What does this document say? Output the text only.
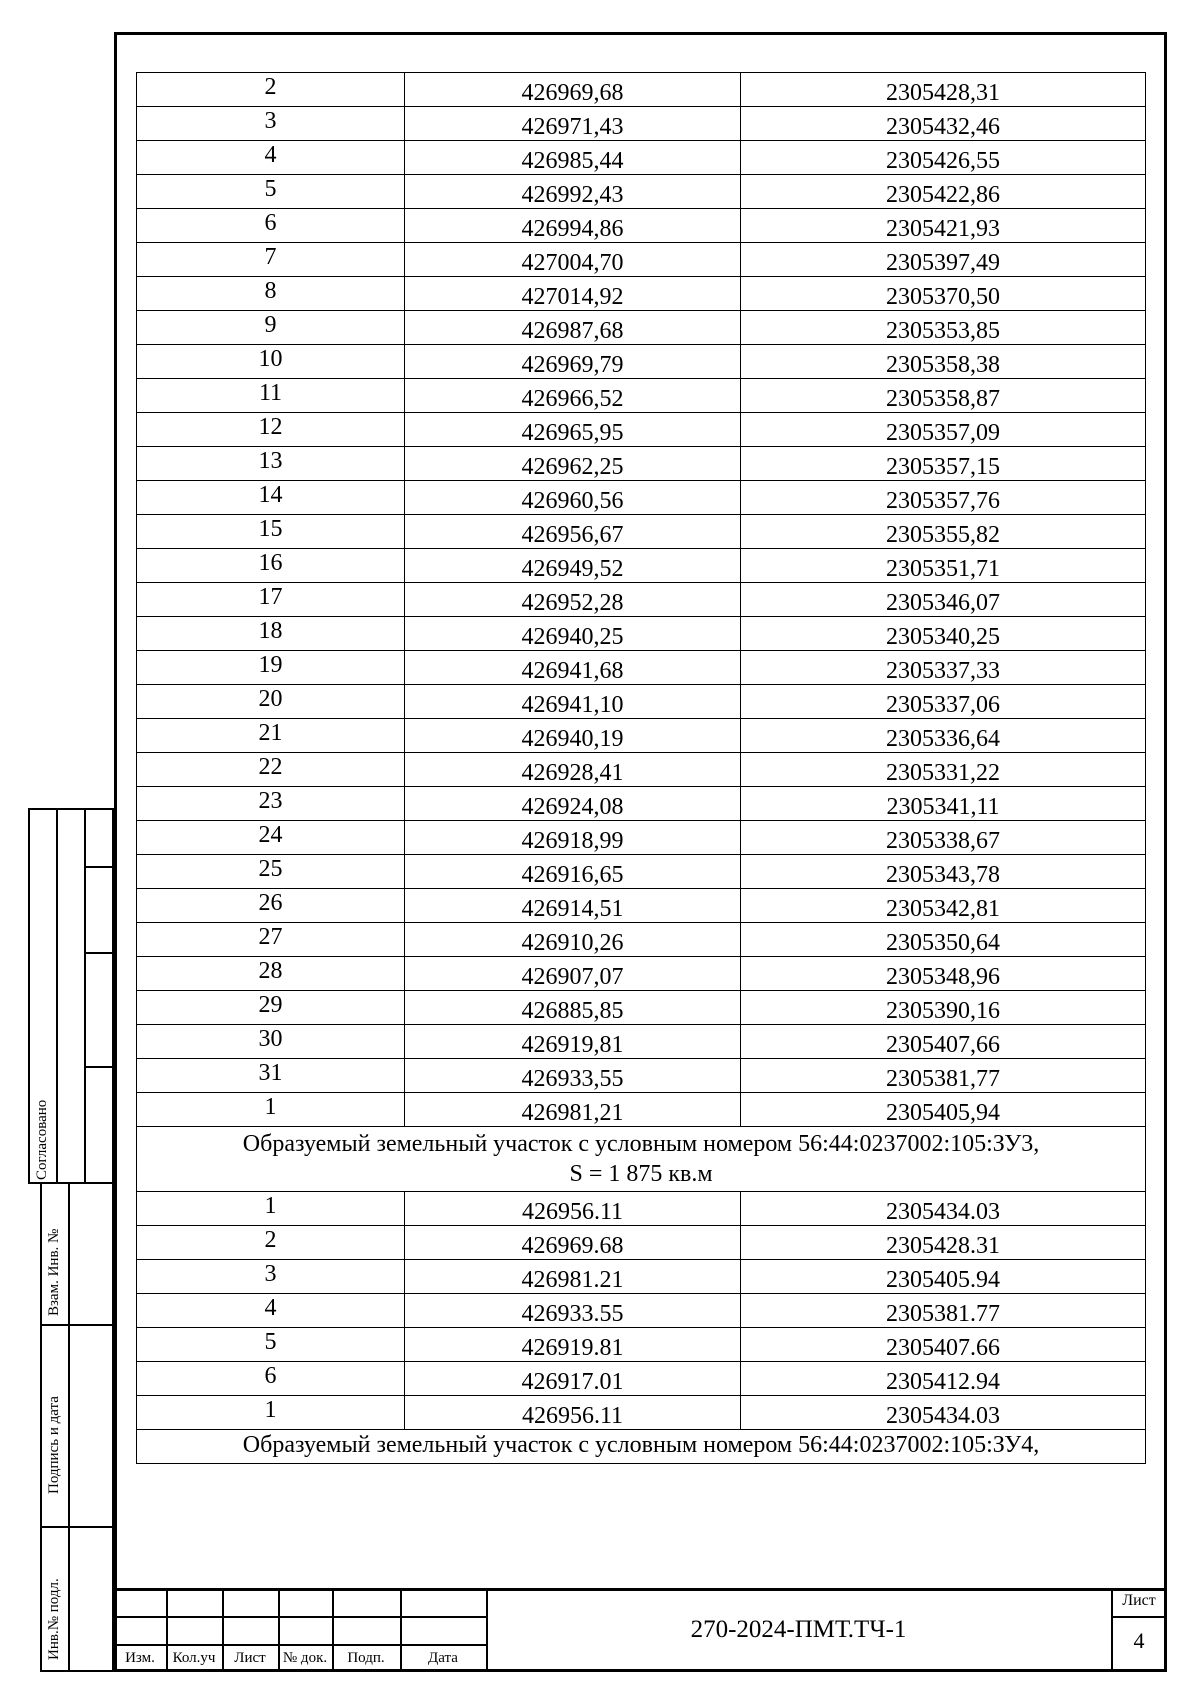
2	426969,68	2305428,31
3	426971,43	2305432,46
4	426985,44	2305426,55
5	426992,43	2305422,86
6	426994,86	2305421,93
7	427004,70	2305397,49
8	427014,92	2305370,50
9	426987,68	2305353,85
10	426969,79	2305358,38
11	426966,52	2305358,87
12	426965,95	2305357,09
13	426962,25	2305357,15
14	426960,56	2305357,76
15	426956,67	2305355,82
16	426949,52	2305351,71
17	426952,28	2305346,07
18	426940,25	2305340,25
19	426941,68	2305337,33
20	426941,10	2305337,06
21	426940,19	2305336,64
22	426928,41	2305331,22
23	426924,08	2305341,11
24	426918,99	2305338,67
25	426916,65	2305343,78
26	426914,51	2305342,81
27	426910,26	2305350,64
28	426907,07	2305348,96
29	426885,85	2305390,16
30	426919,81	2305407,66
31	426933,55	2305381,77
1	426981,21	2305405,94

Образуемый земельный участок с условным номером 56:44:0237002:105:ЗУ3,
S = 1 875 кв.м		

1	426956.11	2305434.03
2	426969.68	2305428.31
3	426981.21	2305405.94
4	426933.55	2305381.77
5	426919.81	2305407.66
6	426917.01	2305412.94
1	426956.11	2305434.03

Образуемый земельный участок с условным номером 56:44:0237002:105:ЗУ4,		
Согласовано
Взам. Инв. №
Подпись и дата
Инв.№ подл.	Изм.	Кол.уч	Лист	№ док.	Подп.	Дата
270-2024-ПМТ.ТЧ-1
Лист
4
